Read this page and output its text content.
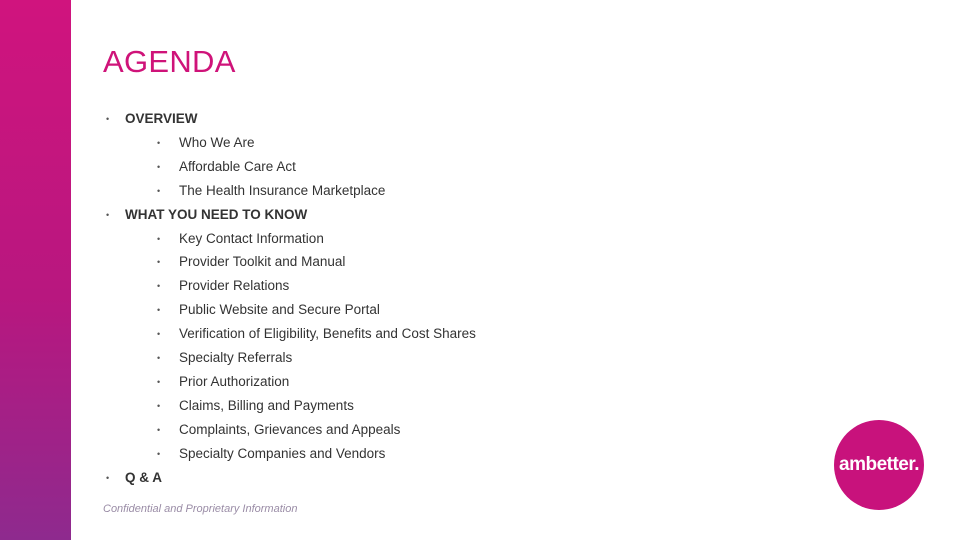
AGENDA
• OVERVIEW
• Who We Are
• Affordable Care Act
• The Health Insurance Marketplace
• WHAT YOU NEED TO KNOW
• Key Contact Information
• Provider Toolkit and Manual
• Provider Relations
• Public Website and Secure Portal
• Verification of Eligibility, Benefits and Cost Shares
• Specialty Referrals
• Prior Authorization
• Claims, Billing and Payments
• Complaints, Grievances and Appeals
• Specialty Companies and Vendors
• Q & A
Confidential and Proprietary Information
ambetter.
